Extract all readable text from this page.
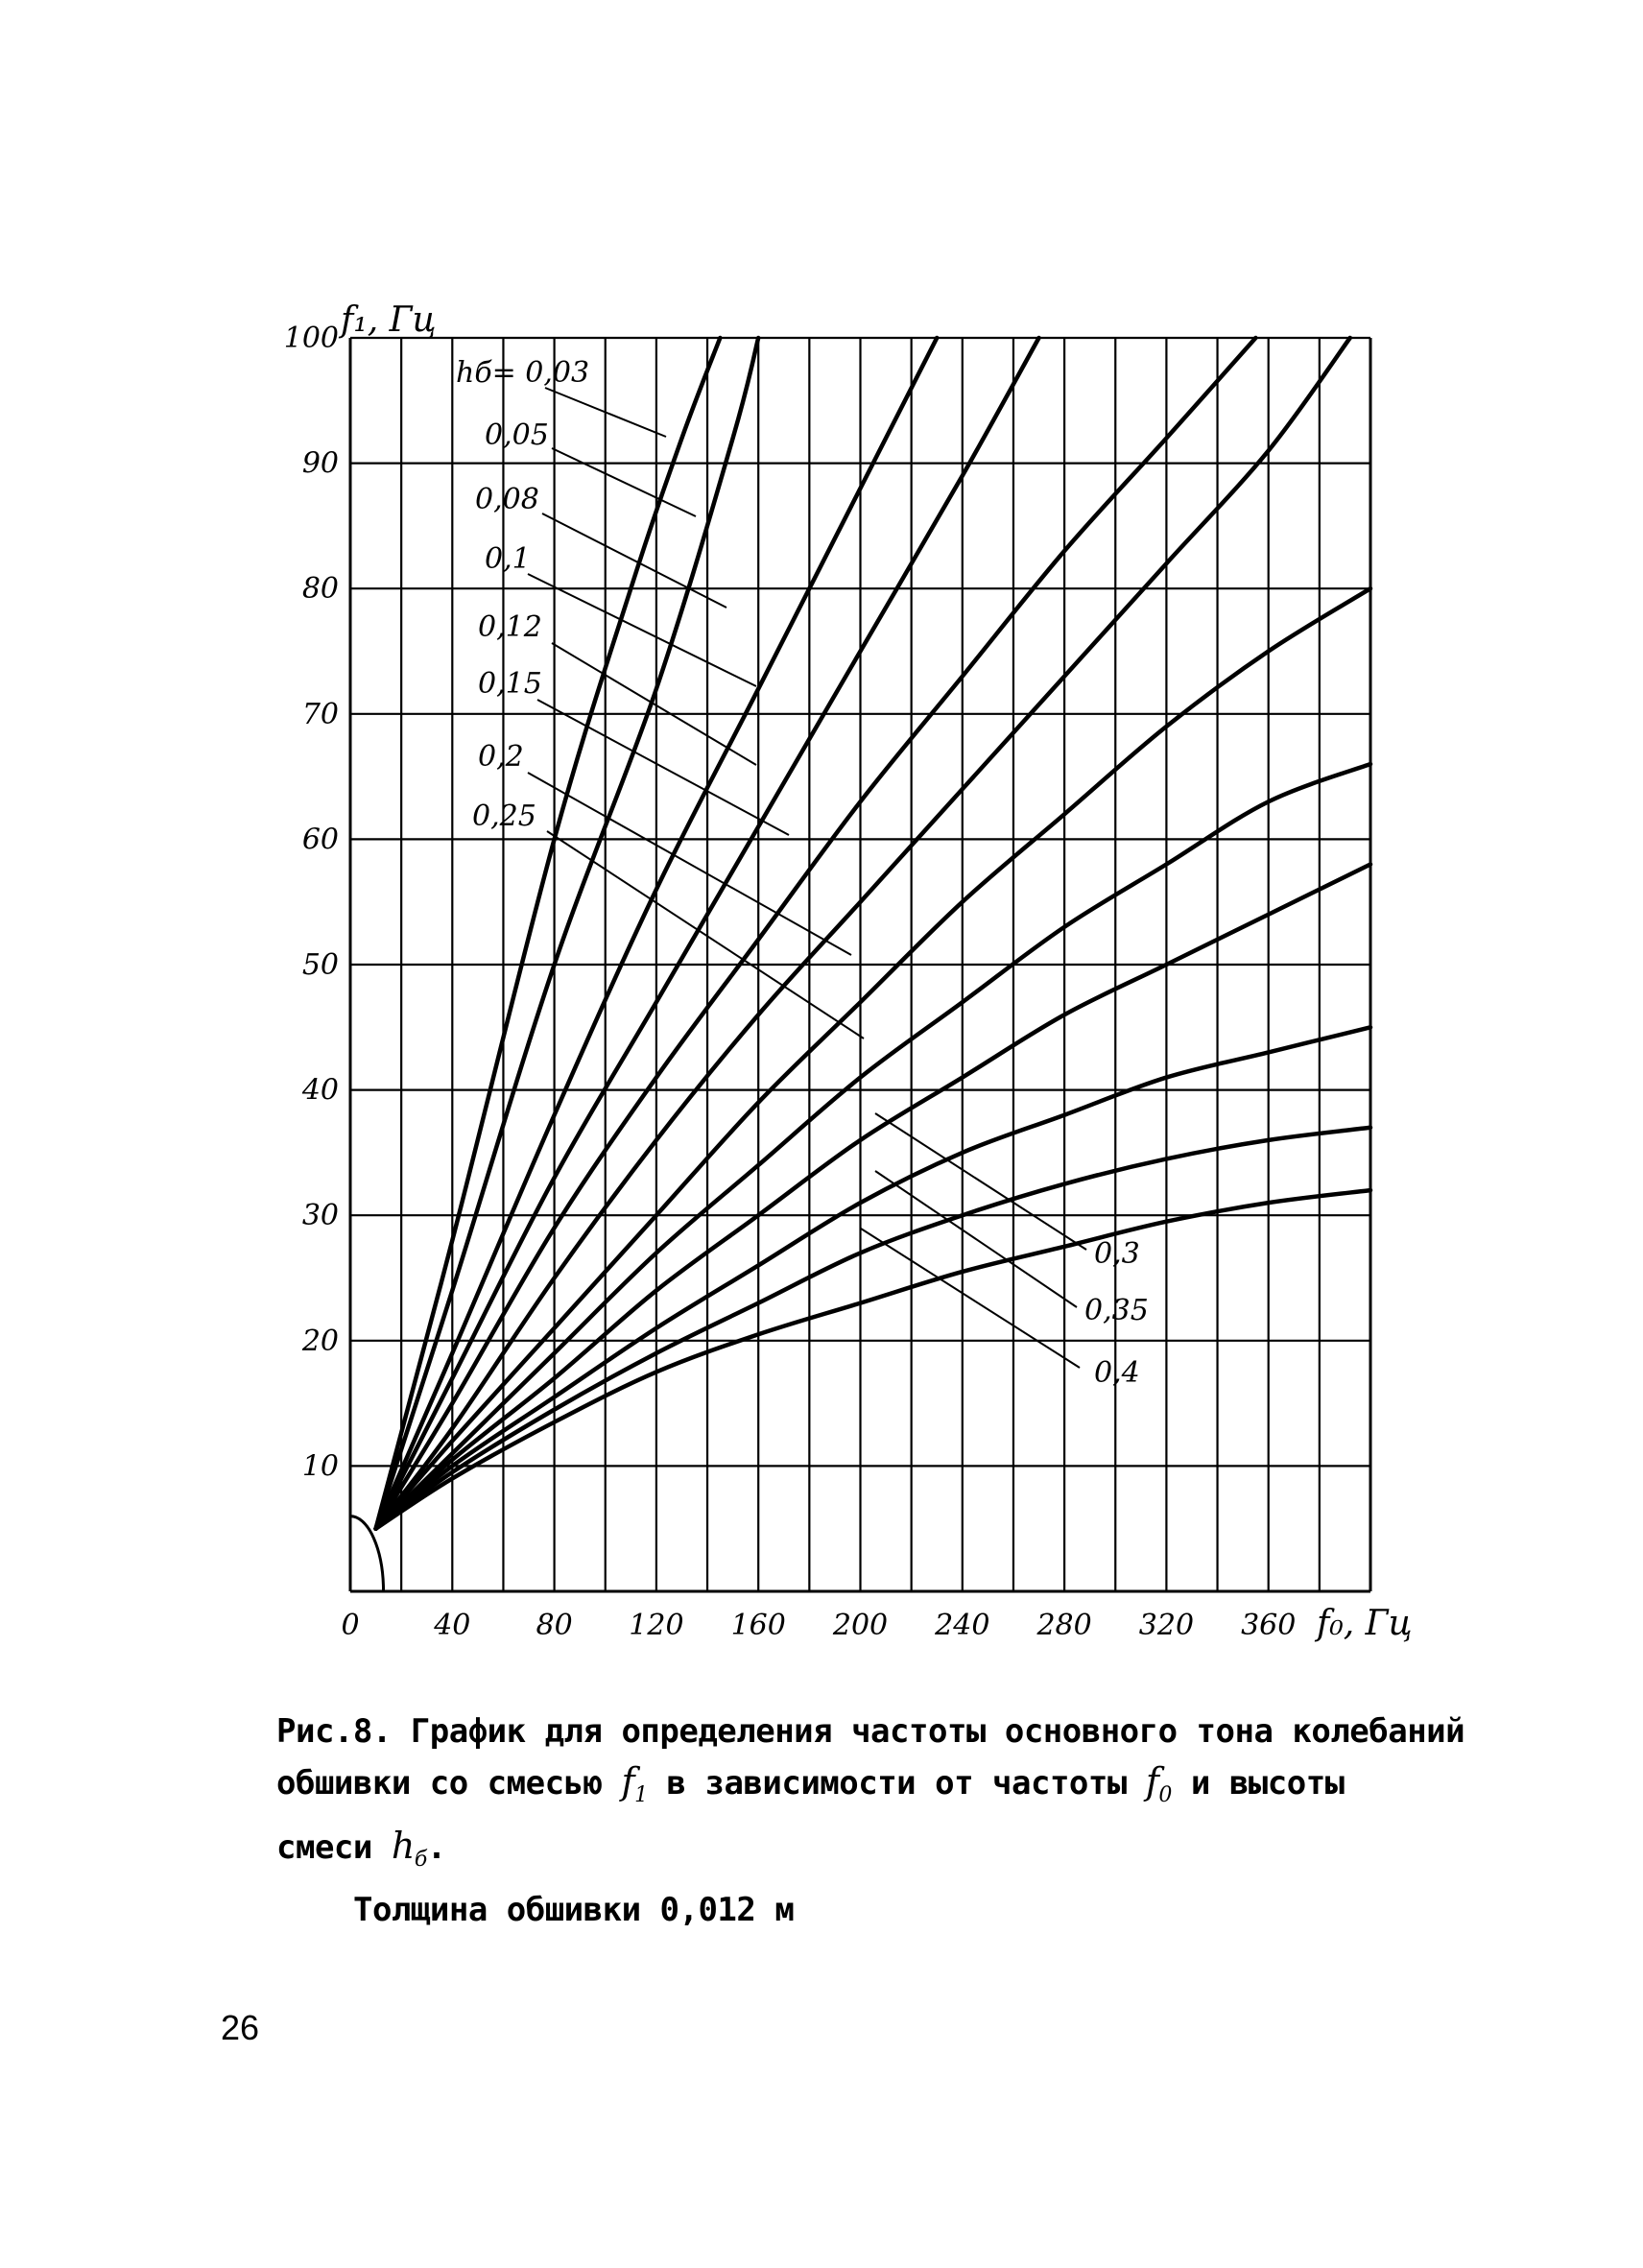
hб= 0,03
0,05
0,08
0,1
0,12
0,15
0,2
0,25
0,3
0,35
0,4
10
20
30
40
50
60
70
80
90
100
0	40 80 120 160 200 240 280 320 360
f₁, Гц
f₀, Гц
Рис.8. График для определения частоты основного тона колебаний
обшивки со смесью $f_1$ в зависимости от частоты $f_0$ и высоты
смеси $h_б$.
Толщина обшивки 0,012 м
26
